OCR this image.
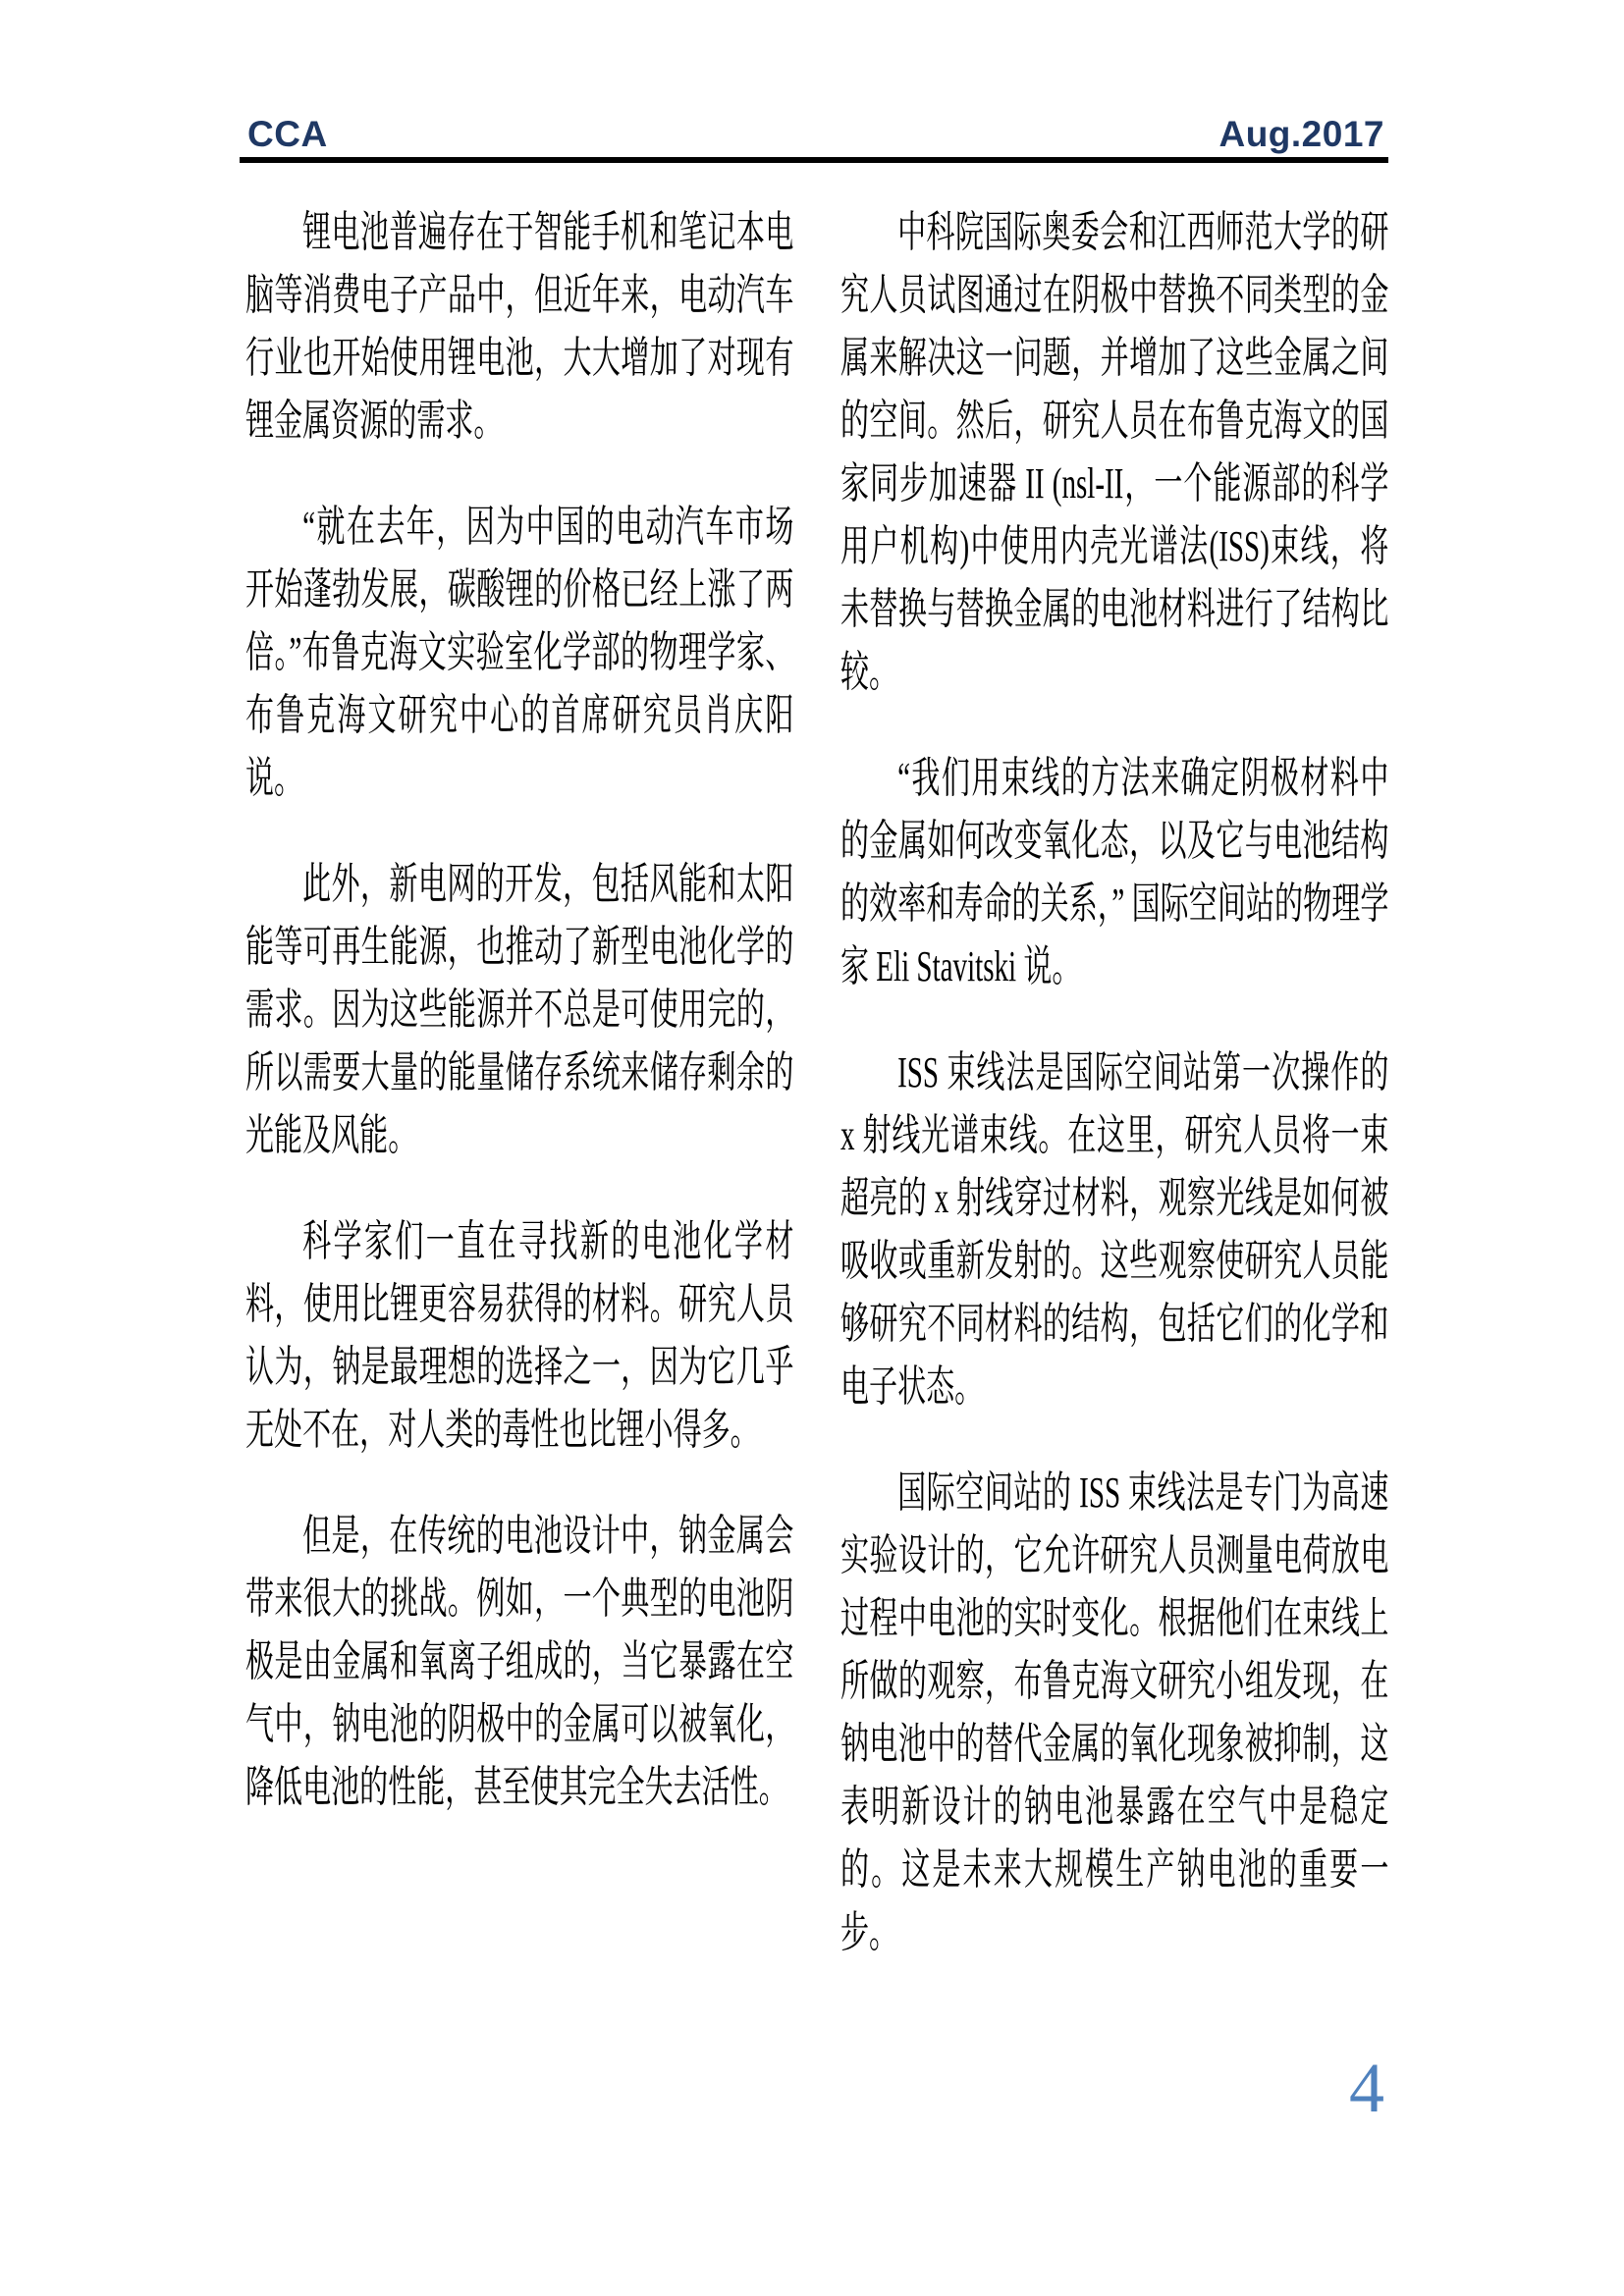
CCA	Aug.2017

锂电池普遍存在于智能手机和笔记本电脑等消费电子产品中，但近年来，电动汽车行业也开始使用锂电池，大大增加了对现有锂金属资源的需求。

“就在去年，因为中国的电动汽车市场开始蓬勃发展，碳酸锂的价格已经上涨了两倍。”布鲁克海文实验室化学部的物理学家、布鲁克海文研究中心的首席研究员肖庆阳说。

此外，新电网的开发，包括风能和太阳能等可再生能源，也推动了新型电池化学的需求。因为这些能源并不总是可使用完的，所以需要大量的能量储存系统来储存剩余的光能及风能。

科学家们一直在寻找新的电池化学材料，使用比锂更容易获得的材料。研究人员认为，钠是最理想的选择之一，因为它几乎无处不在，对人类的毒性也比锂小得多。

但是，在传统的电池设计中，钠金属会带来很大的挑战。例如，一个典型的电池阴极是由金属和氧离子组成的，当它暴露在空气中，钠电池的阴极中的金属可以被氧化，降低电池的性能，甚至使其完全失去活性。

中科院国际奥委会和江西师范大学的研究人员试图通过在阴极中替换不同类型的金属来解决这一问题，并增加了这些金属之间的空间。然后，研究人员在布鲁克海文的国家同步加速器 II (nsl-II，一个能源部的科学用户机构)中使用内壳光谱法(ISS)束线，将未替换与替换金属的电池材料进行了结构比较。

“我们用束线的方法来确定阴极材料中的金属如何改变氧化态，以及它与电池结构的效率和寿命的关系，” 国际空间站的物理学家 Eli Stavitski 说。

ISS 束线法是国际空间站第一次操作的 x 射线光谱束线。在这里，研究人员将一束超亮的 x 射线穿过材料，观察光线是如何被吸收或重新发射的。这些观察使研究人员能够研究不同材料的结构，包括它们的化学和电子状态。

国际空间站的 ISS 束线法是专门为高速实验设计的，它允许研究人员测量电荷放电过程中电池的实时变化。根据他们在束线上所做的观察，布鲁克海文研究小组发现，在钠电池中的替代金属的氧化现象被抑制，这表明新设计的钠电池暴露在空气中是稳定的。这是未来大规模生产钠电池的重要一步。

4
